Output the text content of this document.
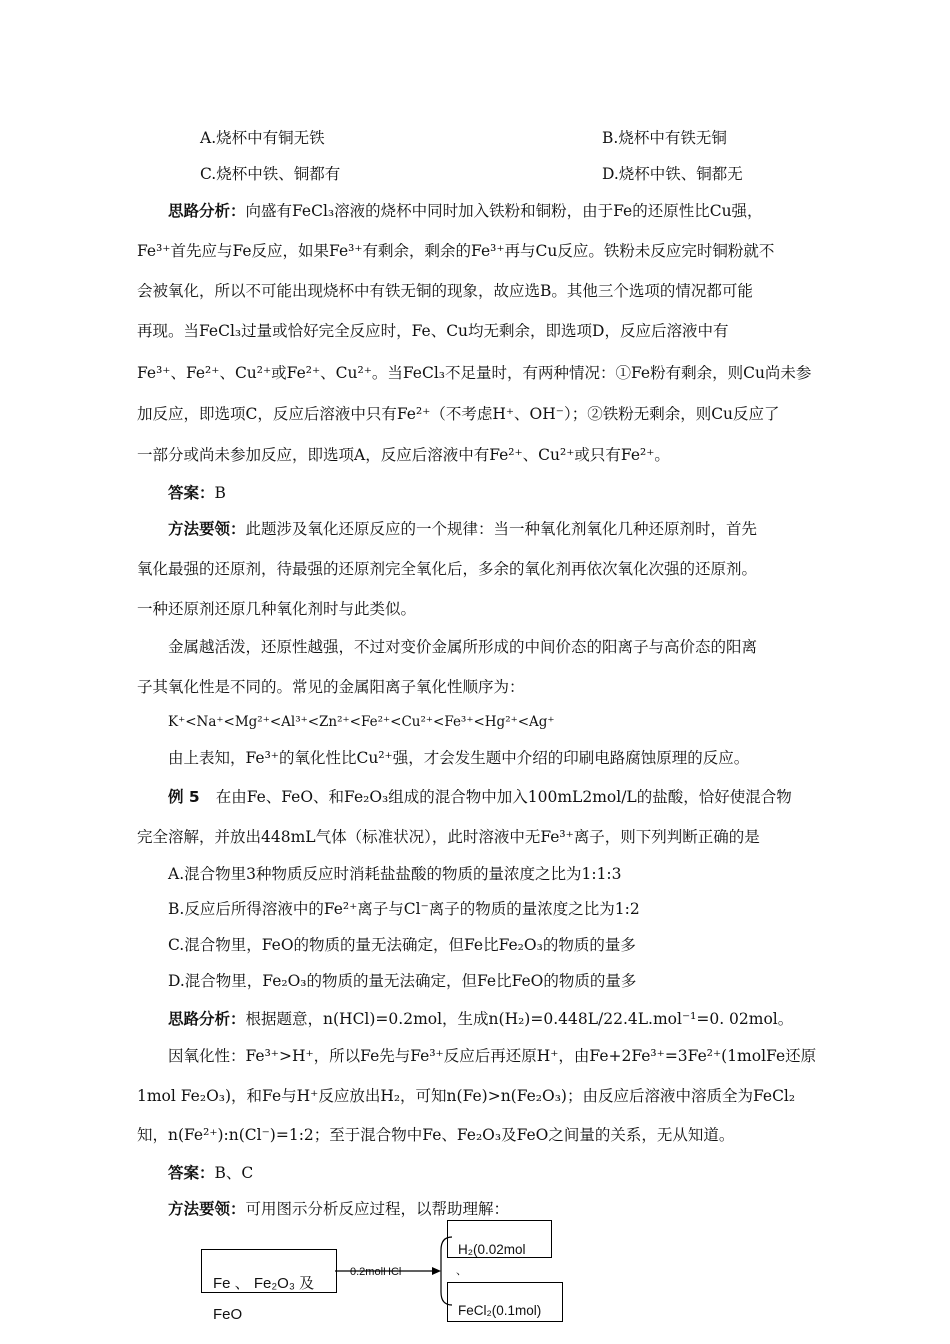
A.烧杯中有铜无铁	B.烧杯中有铁无铜
C.烧杯中铁、铜都有	D.烧杯中铁、铜都无
思路分析：向盛有FeCl₃溶液的烧杯中同时加入铁粉和铜粉，由于Fe的还原性比Cu强，
Fe³⁺首先应与Fe反应，如果Fe³⁺有剩余，剩余的Fe³⁺再与Cu反应。铁粉未反应完时铜粉就不
会被氧化，所以不可能出现烧杯中有铁无铜的现象，故应选B。其他三个选项的情况都可能
再现。当FeCl₃过量或恰好完全反应时，Fe、Cu均无剩余，即选项D，反应后溶液中有
Fe³⁺、Fe²⁺、Cu²⁺或Fe²⁺、Cu²⁺。当FeCl₃不足量时，有两种情况：①Fe粉有剩余，则Cu尚未参
加反应，即选项C，反应后溶液中只有Fe²⁺（不考虑H⁺、OH⁻）；②铁粉无剩余，则Cu反应了
一部分或尚未参加反应，即选项A，反应后溶液中有Fe²⁺、Cu²⁺或只有Fe²⁺。
答案：B
方法要领：此题涉及氧化还原反应的一个规律：当一种氧化剂氧化几种还原剂时，首先
氧化最强的还原剂，待最强的还原剂完全氧化后，多余的氧化剂再依次氧化次强的还原剂。
一种还原剂还原几种氧化剂时与此类似。
金属越活泼，还原性越强，不过对变价金属所形成的中间价态的阳离子与高价态的阳离
子其氧化性是不同的。常见的金属阳离子氧化性顺序为：
K⁺<Na⁺<Mg²⁺<Al³⁺<Zn²⁺<Fe²⁺<Cu²⁺<Fe³⁺<Hg²⁺<Ag⁺
由上表知，Fe³⁺的氧化性比Cu²⁺强，才会发生题中介绍的印刷电路腐蚀原理的反应。
例 5 在由Fe、FeO、和Fe₂O₃组成的混合物中加入100mL2mol/L的盐酸，恰好使混合物
完全溶解，并放出448mL气体（标准状况），此时溶液中无Fe³⁺离子，则下列判断正确的是
A.混合物里3种物质反应时消耗盐盐酸的物质的量浓度之比为1:1:3
B.反应后所得溶液中的Fe²⁺离子与Cl⁻离子的物质的量浓度之比为1:2
C.混合物里，FeO的物质的量无法确定，但Fe比Fe₂O₃的物质的量多
D.混合物里，Fe₂O₃的物质的量无法确定，但Fe比FeO的物质的量多
思路分析：根据题意，n(HCl)=0.2mol，生成n(H₂)=0.448L/22.4L.mol⁻¹=0. 02mol。
因氧化性：Fe³⁺>H⁺，所以Fe先与Fe³⁺反应后再还原H⁺，由Fe+2Fe³⁺=3Fe²⁺(1molFe还原
1mol Fe₂O₃)，和Fe与H⁺反应放出H₂，可知n(Fe)>n(Fe₂O₃)；由反应后溶液中溶质全为FeCl₂
知，n(Fe²⁺):n(Cl⁻)=1:2；至于混合物中Fe、Fe₂O₃及FeO之间量的关系，无从知道。
答案：B、C
方法要领：可用图示分析反应过程，以帮助理解：
Fe 、 Fe₂O₃ 及
FeO
0.2molHCl
H₂(0.02mol
、
FeCl₂(0.1mol)
